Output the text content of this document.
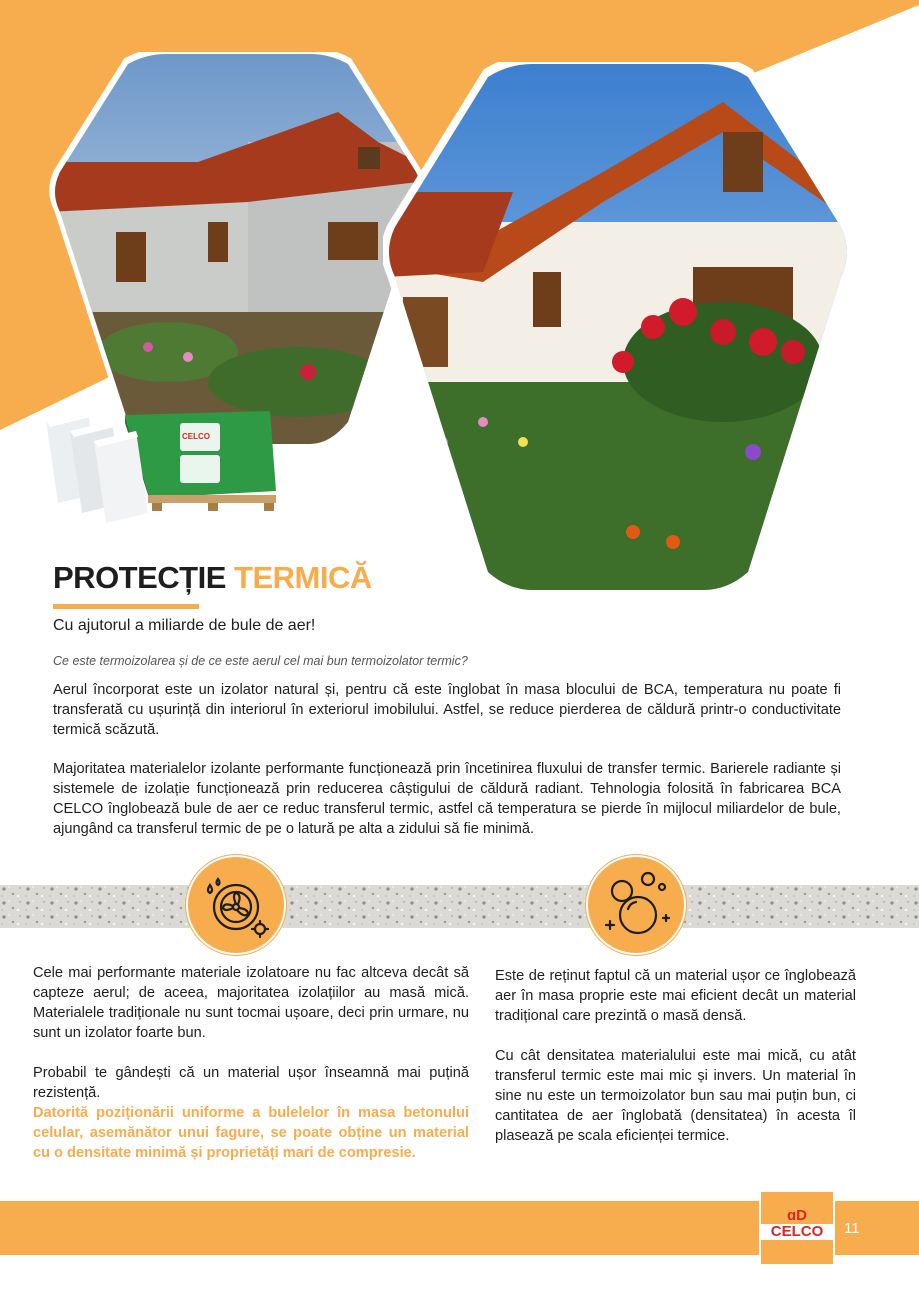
CELCO
PROTECȚIE TERMICĂ
Cu ajutorul a miliarde de bule de aer!
Ce este termoizolarea și de ce este aerul cel mai bun termoizolator termic?
Aerul încorporat este un izolator natural și, pentru că este înglobat în masa blocului de BCA, temperatura nu poate fi transferată cu ușurință din interiorul în exteriorul imobilului. Astfel, se reduce pierderea de căldură printr-o conductivitate termică scăzută.
Majoritatea materialelor izolante performante funcționează prin încetinirea fluxului de transfer termic. Barierele radiante și sistemele de izolație funcționează prin reducerea câștigului de căldură radiant. Tehnologia folosită în fabricarea BCA CELCO înglobează bule de aer ce reduc transferul termic, astfel că temperatura se pierde în mijlocul miliardelor de bule, ajungând ca transferul termic de pe o latură pe alta a zidului să fie minimă.

Cele mai performante materiale izolatoare nu fac altceva decât să capteze aerul; de aceea, majoritatea izolațiilor au masă mică. Materialele tradiționale nu sunt tocmai ușoare, deci prin urmare, nu sunt un izolator foarte bun.

Probabil te gândești că un material ușor înseamnă mai puțină rezistență.

Datorită poziționării uniforme a bulelelor în masa betonului celular, asemănător unui fagure, se poate obține un material cu o densitate minimă și proprietăți mari de compresie.

Este de reținut faptul că un material ușor ce înglobează aer în masa proprie este mai eficient decât un material tradițional care prezintă o masă densă.

Cu cât densitatea materialului este mai mică, cu atât transferul termic este mai mic și invers. Un material în sine nu este un termoizolator bun sau mai puțin bun, ci cantitatea de aer înglobată (densitatea) în acesta îl plasează pe scala eficienței termice.

ɑD
CELCO	11
